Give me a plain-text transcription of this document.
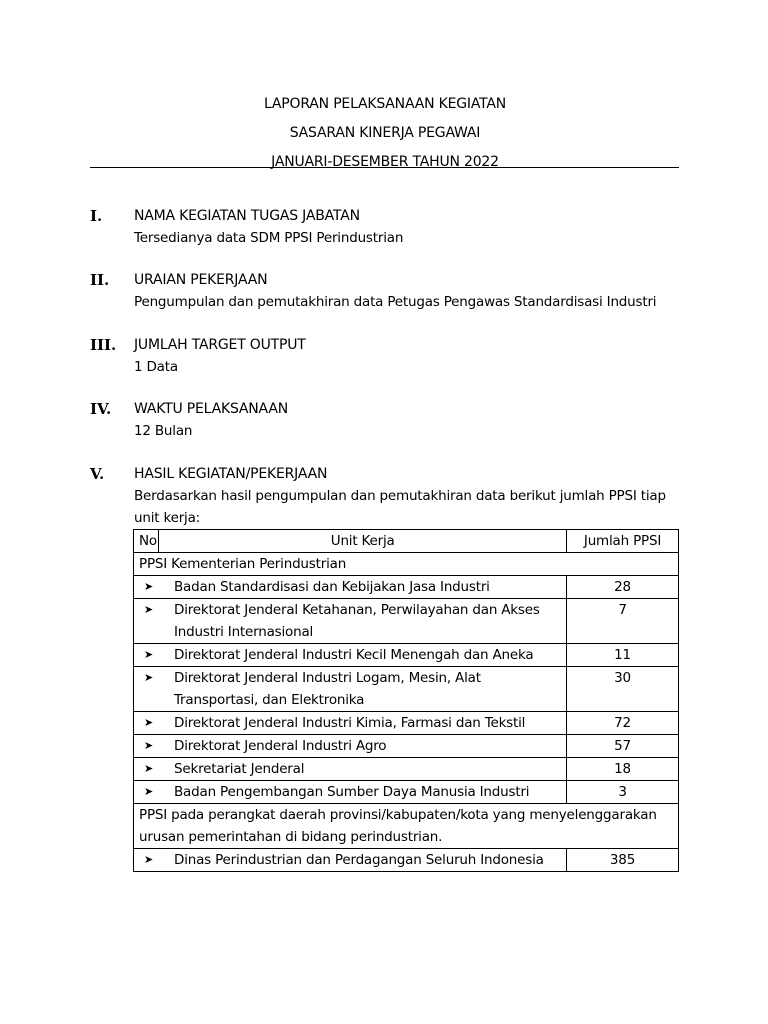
LAPORAN PELAKSANAAN KEGIATAN
SASARAN KINERJA PEGAWAI
JANUARI-DESEMBER TAHUN 2022
I. NAMA KEGIATAN TUGAS JABATAN
Tersedianya data SDM PPSI Perindustrian
II. URAIAN PEKERJAAN
Pengumpulan dan pemutakhiran data Petugas Pengawas Standardisasi Industri
III. JUMLAH TARGET OUTPUT
1 Data
IV. WAKTU PELAKSANAAN
12 Bulan
V. HASIL KEGIATAN/PEKERJAAN
Berdasarkan hasil pengumpulan dan pemutakhiran data berikut jumlah PPSI tiap unit kerja:
No	Unit Kerja	Jumlah PPSI
PPSI Kementerian Perindustrian		

➤ Badan Standardisasi dan Kebijakan Jasa Industri		28

➤ Direktorat Jenderal Ketahanan, Perwilayahan dan Akses Industri Internasional		7

➤ Direktorat Jenderal Industri Kecil Menengah dan Aneka		11

➤ Direktorat Jenderal Industri Logam, Mesin, Alat Transportasi, dan Elektronika		30

➤ Direktorat Jenderal Industri Kimia, Farmasi dan Tekstil		72

➤ Direktorat Jenderal Industri Agro		57

➤ Sekretariat Jenderal		18

➤ Badan Pengembangan Sumber Daya Manusia Industri		3
PPSI pada perangkat daerah provinsi/kabupaten/kota yang menyelenggarakan urusan pemerintahan di bidang perindustrian.		

➤ Dinas Perindustrian dan Perdagangan Seluruh Indonesia		385
